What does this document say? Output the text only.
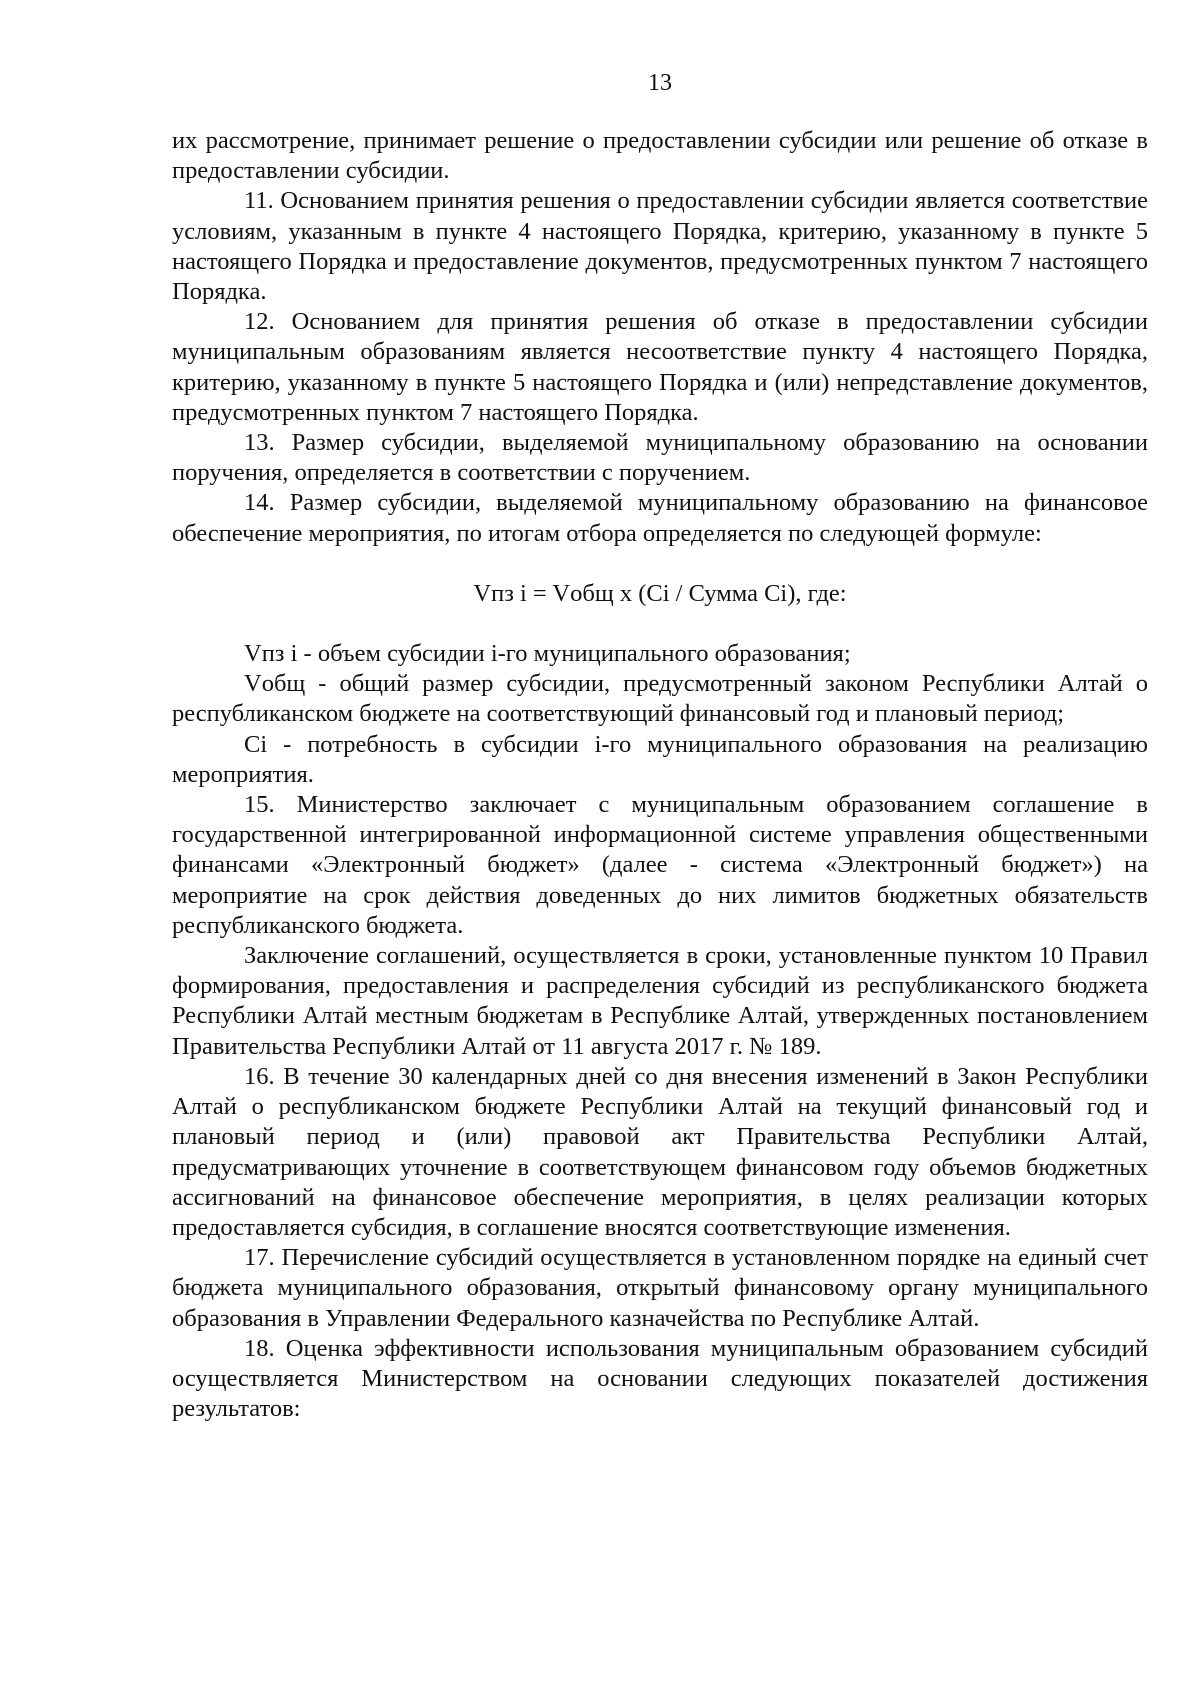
13

их рассмотрение, принимает решение о предоставлении субсидии или решение об отказе в предоставлении субсидии.

11. Основанием принятия решения о предоставлении субсидии является соответствие условиям, указанным в пункте 4 настоящего Порядка, критерию, указанному в пункте 5 настоящего Порядка и предоставление документов, предусмотренных пунктом 7 настоящего Порядка.

12. Основанием для принятия решения об отказе в предоставлении субсидии муниципальным образованиям является несоответствие пункту 4 настоящего Порядка, критерию, указанному в пункте 5 настоящего Порядка и (или) непредставление документов, предусмотренных пунктом 7 настоящего Порядка.

13. Размер субсидии, выделяемой муниципальному образованию на основании поручения, определяется в соответствии с поручением.

14. Размер субсидии, выделяемой муниципальному образованию на финансовое обеспечение мероприятия, по итогам отбора определяется по следующей формуле:

Vпз i = Vобщ x (Ci / Сумма Ci), где:

Vпз i - объем субсидии i-го муниципального образования;

Vобщ - общий размер субсидии, предусмотренный законом Республики Алтай о республиканском бюджете на соответствующий финансовый год и плановый период;

Ci - потребность в субсидии i-го муниципального образования на реализацию мероприятия.

15. Министерство заключает с муниципальным образованием соглашение в государственной интегрированной информационной системе управления общественными финансами «Электронный бюджет» (далее - система «Электронный бюджет») на мероприятие на срок действия доведенных до них лимитов бюджетных обязательств республиканского бюджета.

Заключение соглашений, осуществляется в сроки, установленные пунктом 10 Правил формирования, предоставления и распределения субсидий из республиканского бюджета Республики Алтай местным бюджетам в Республике Алтай, утвержденных постановлением Правительства Республики Алтай от 11 августа 2017 г. № 189.

16. В течение 30 календарных дней со дня внесения изменений в Закон Республики Алтай о республиканском бюджете Республики Алтай на текущий финансовый год и плановый период и (или) правовой акт Правительства Республики Алтай, предусматривающих уточнение в соответствующем финансовом году объемов бюджетных ассигнований на финансовое обеспечение мероприятия, в целях реализации которых предоставляется субсидия, в соглашение вносятся соответствующие изменения.

17. Перечисление субсидий осуществляется в установленном порядке на единый счет бюджета муниципального образования, открытый финансовому органу муниципального образования в Управлении Федерального казначейства по Республике Алтай.

18. Оценка эффективности использования муниципальным образованием субсидий осуществляется Министерством на основании следующих показателей достижения результатов:
